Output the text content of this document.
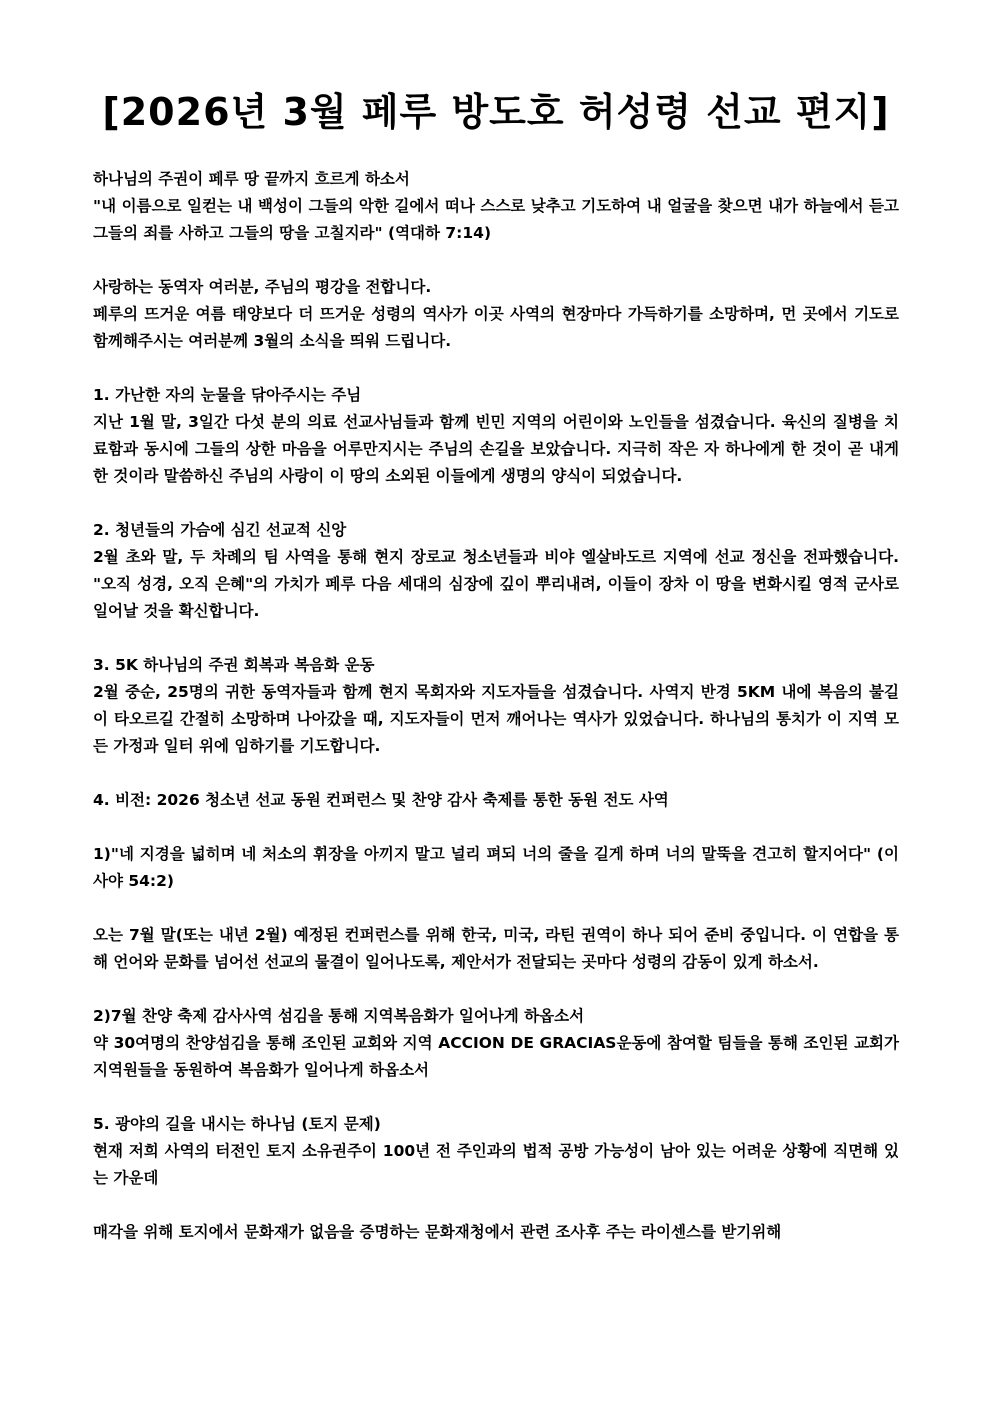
[2026년 3월 페루 방도호 허성령 선교 편지]

하나님의 주권이 페루 땅 끝까지 흐르게 하소서

"내 이름으로 일컫는 내 백성이 그들의 악한 길에서 떠나 스스로 낮추고 기도하여 내 얼굴을 찾으면 내가 하늘에서 듣고 그들의 죄를 사하고 그들의 땅을 고칠지라" (역대하 7:14)

사랑하는 동역자 여러분, 주님의 평강을 전합니다.

페루의 뜨거운 여름 태양보다 더 뜨거운 성령의 역사가 이곳 사역의 현장마다 가득하기를 소망하며, 먼 곳에서 기도로 함께해주시는 여러분께 3월의 소식을 띄워 드립니다.

1. 가난한 자의 눈물을 닦아주시는 주님

지난 1월 말, 3일간 다섯 분의 의료 선교사님들과 함께 빈민 지역의 어린이와 노인들을 섬겼습니다. 육신의 질병을 치료함과 동시에 그들의 상한 마음을 어루만지시는 주님의 손길을 보았습니다. 지극히 작은 자 하나에게 한 것이 곧 내게 한 것이라 말씀하신 주님의 사랑이 이 땅의 소외된 이들에게 생명의 양식이 되었습니다.

2. 청년들의 가슴에 심긴 선교적 신앙

2월 초와 말, 두 차례의 팀 사역을 통해 현지 장로교 청소년들과 비야 엘살바도르 지역에 선교 정신을 전파했습니다. "오직 성경, 오직 은혜"의 가치가 페루 다음 세대의 심장에 깊이 뿌리내려, 이들이 장차 이 땅을 변화시킬 영적 군사로 일어날 것을 확신합니다.

3. 5K 하나님의 주권 회복과 복음화 운동

2월 중순, 25명의 귀한 동역자들과 함께 현지 목회자와 지도자들을 섬겼습니다. 사역지 반경 5KM 내에 복음의 불길이 타오르길 간절히 소망하며 나아갔을 때, 지도자들이 먼저 깨어나는 역사가 있었습니다. 하나님의 통치가 이 지역 모든 가정과 일터 위에 임하기를 기도합니다.

4. 비전: 2026 청소년 선교 동원 컨퍼런스 및 찬양 감사 축제를 통한 동원 전도 사역

1)"네 지경을 넓히며 네 처소의 휘장을 아끼지 말고 널리 펴되 너의 줄을 길게 하며 너의 말뚝을 견고히 할지어다" (이사야 54:2)

오는 7월 말(또는 내년 2월) 예정된 컨퍼런스를 위해 한국, 미국, 라틴 권역이 하나 되어 준비 중입니다. 이 연합을 통해 언어와 문화를 넘어선 선교의 물결이 일어나도록, 제안서가 전달되는 곳마다 성령의 감동이 있게 하소서.

2)7월 찬양 축제 감사사역 섬김을 통해 지역복음화가 일어나게 하옵소서

약 30여명의 찬양섬김을 통해 조인된 교회와 지역 ACCION DE GRACIAS운동에 참여할 팀들을 통해 조인된 교회가 지역원들을 동원하여 복음화가 일어나게 하옵소서

5. 광야의 길을 내시는 하나님 (토지 문제)

현재 저희 사역의 터전인 토지 소유권주이 100년 전 주인과의 법적 공방 가능성이 남아 있는 어려운 상황에 직면해 있는 가운데

매각을 위해 토지에서 문화재가 없음을 증명하는 문화재청에서 관련 조사후 주는 라이센스를 받기위해
